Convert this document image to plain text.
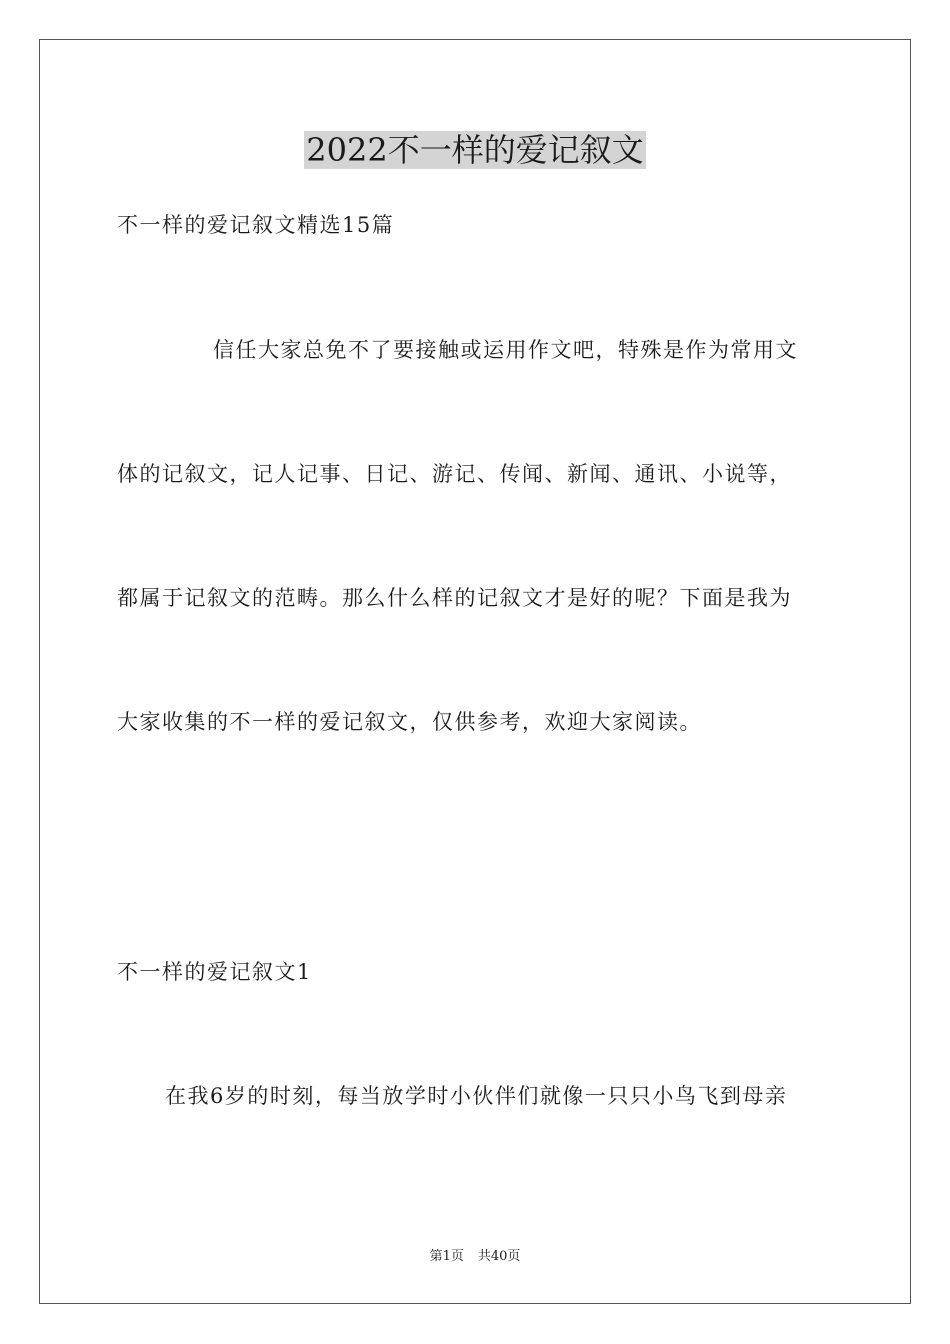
2022不一样的爱记叙文
不一样的爱记叙文精选15篇
信任大家总免不了要接触或运用作文吧，特殊是作为常用文
体的记叙文，记人记事、日记、游记、传闻、新闻、通讯、小说等，
都属于记叙文的范畴。那么什么样的记叙文才是好的呢？下面是我为
大家收集的不一样的爱记叙文，仅供参考，欢迎大家阅读。
不一样的爱记叙文1
在我6岁的时刻，每当放学时小伙伴们就像一只只小鸟飞到母亲
第1页 共40页
